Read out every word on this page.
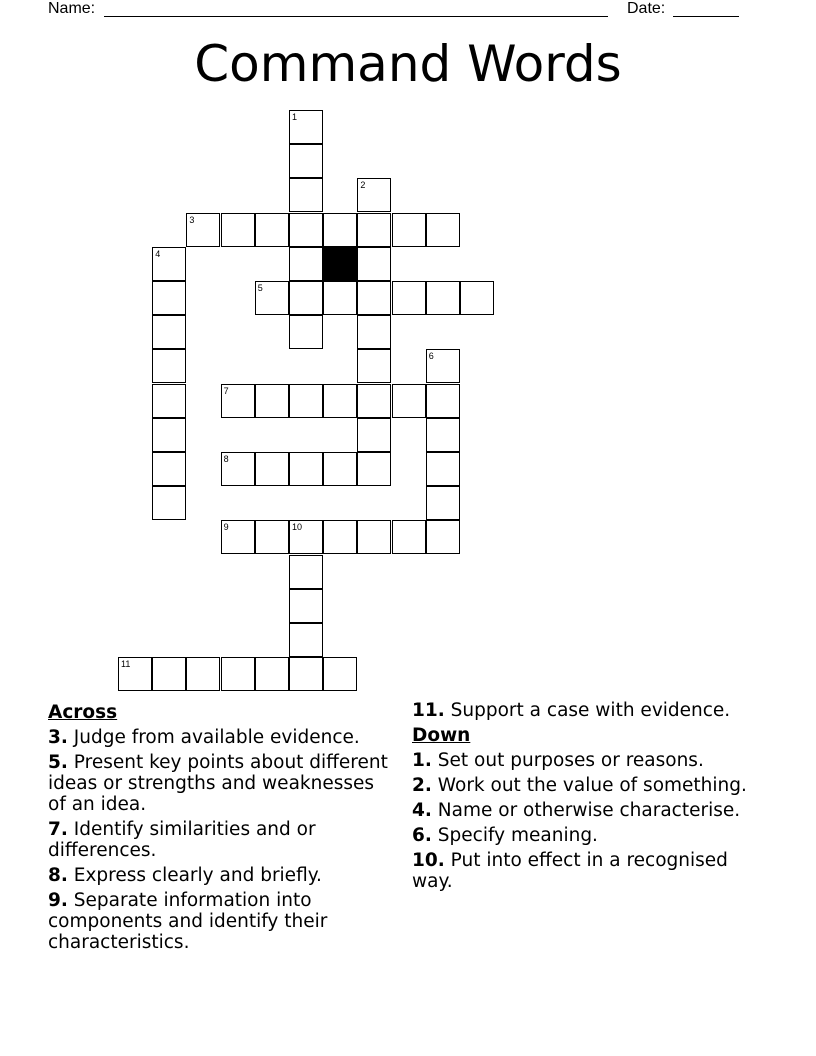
Name:	Date:
Command Words
1
2
3
4
5
6
7
8
9	10
11
Across
3. Judge from available evidence.
5. Present key points about different ideas or strengths and weaknesses of an idea.
7. Identify similarities and or differences.
8. Express clearly and briefly.
9. Separate information into components and identify their characteristics.
11. Support a case with evidence.
Down
1. Set out purposes or reasons.
2. Work out the value of something.
4. Name or otherwise characterise.
6. Specify meaning.
10. Put into effect in a recognised way.
